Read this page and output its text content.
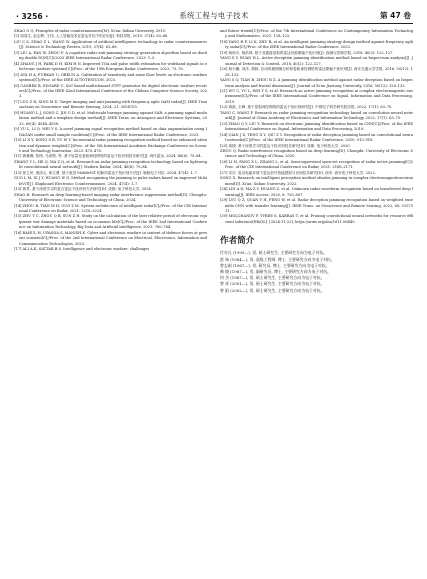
· 3256 ·	系统工程与电子技术	第 47 卷
ZHAO G Q. Principles of radar countermeasures[M]. Xi'an: Xidian University, 2015.
[2] 周春生, 赵志辉, 王伟. 人工智能技术在雷达对抗中的应用[J]. 科技导报, 2019, 37(4): 63–68.
LIU C S, ZHAO Z L, WANG W. Application of artificial intelligence technology in radar countermeasures[J]. Science & Technology Review, 2019, 37(4): 63–68.
[3] LIU A, FAN W, ZHOU F. A cognitive radar anti-jamming strategy generation algorithm based on dueling double DQN[C]//2023 IEEE International Radar Conference, 2023: 1–5.
[4] ZHANG J H, PARK D H, KIM H N. Improved TOA and pulse width estimation for wideband signals in electronic warfare systems[C]//Proc. of the 19th European Radar Conference, 2022: 73–76.
[5] ATA H A, FURKAN U, ORKUN A. Calibration of sensitivity and noise floor levels on electronic warfare systems[C]//Proc. of the IEEE AUTOTESTCON, 2023.
[6] CANBEK B, EDGARD C. SoC-based multichannel STFT generator for digital electronic warfare receivers[C]//Proc. of the IEEE 42nd International Conference of the Chilean Computer Science Society, 2023.
[7] LUO Z R, XING M D. Target imaging and anti-jamming with frequency agile OAM radar[J]. IEEE Transactions on Geoscience and Remote Sensing, 2024, 21: 3504705.
[8] HUANG L J, SONG C, JIN G D, et al. Multiscale barrage jamming against SAR: a jamming signal modulation method and a template design method[J]. IEEE Trans. on Aerospace and Electronic Systems, 2023, 60(4): 4548–4558.
[9] YU L, LI Q, WEI Y S. A novel jamming signal recognition method based on data augmentation using IDAGAN under small sample condition[C]//Proc. of the IEEE International Radar Conference, 2023.
[10] LI X Y, DONG S B, YU W Y. Incremental radar jamming recognition method based on enhanced attention and dynamic weights[C]//Proc. of the 5th International Academic Exchange Conference on Science and Technology Innovation, 2023: 470–476.
[11] 黄雅琳, 张坤, 马泽煦, 等. 基于轻量化卷积神经网络的雷达干扰识别技术研究[J]. 现代雷达, 2024, 46(6): 79–84.
ZHANG Y L, HE Q, MA Z Q, et al. Research on radar jamming recognition technology based on lightweight convolutional neural network[J]. Modern Radar, 2024, 46(6): 79–84.
[12] 郭立民, 邢清元, 黄文勇. 基于改进 MobileViT 的脉冲雷达干扰识别方法[J]. 舰船电子对抗, 2024, 47(4): 1–7.
GUO L M, XI J Y, HUANG W Q. Method recognizing the jamming to pulse radars based on improved MobileViT[J]. Shipboard Electronic Countermeasure, 2024, 47(4): 1–7.
[13] 黄君. 基于深度学习的复合雷达干扰识别方法研究[D]. 成都: 电子科技大学, 2024.
ZHAO H. Research on deep-learning-based imaging radar interference suppression method[D]. Chengdu: University of Electronic Science and Technology of China, 2024.
[14] ZHOU B, TIAN M H, GUO Z M. System architecture of intelligent radar[C]//Proc. of the CIE International Conference on Radar, 2021: 3218–3224.
[15] ZHU Y C, ZHOU Q B, SUN Z H. Study on the calculation of the best relative period of electronic equipment war damage materials based on economic life[C]//Proc. of the IEEE 2nd International Conference on Information Technology, Big Data and Artificial Intelligence, 2021: 760–764.
[16] RAHUL H, UPASNA S, MANISH K. Cyber and electronic warfare in context of defence forces at present scenario[C]//Proc. of the 2nd International Conference on Electrical, Electronics, Information and Communication Technologies, 2023.
[17] ALI A K, SATTAR B S. Intelligence and electronic warfare: challenges
and future trends[C]//Proc. of the 7th International Conference on Contemporary Information Technology and Mathematics, 2021: 118–123.
[18] YANG H F, LI K, ZHU B, et al. An intelligent jamming strategy design method against frequency agility radar[C]//Proc. of the IEEE International Radar Conference, 2023.
[19] 杨尚平, 杨洪林. 基于双通道卷积的雷达有源欺骗干扰识别[J]. 探测与控制学报, 2018, 40(2): 122–127.
YANG X Y, RUAN H L. Active deception jamming identification method based on bispectrum analysis[J]. Journal of Detection & Control, 2018, 40(2): 122–127.
[20] 杨小鹏, 刘洋, 胡林. 应用时频图像分析和卷积神经网络的雷达欺骗干扰识别[J]. 西安交通大学学报, 2016, 50(12): 128–133.
YANG S Q, TIAN B, ZHOU R Z. A jamming identification method against radar deception based on bispectrum analysis and fractal dimension[J]. Journal of Xi'an Jiaotong University, 2016, 50(12): 128–133.
[21] WU C, YU L, WEI Y S, et al. Research on active jamming recognition in complex electromagnetic environment[C]//Proc. of the IEEE International Conference on Signal, Information and Data Processing, 2019.
[22] 唐凯, 王峰. 基于卷积神经网络的雷达干扰识别研究[J]. 中国电子科学研究院学报, 2022, 17(1): 63–70.
TANG C, WANG F. Research on radar jamming recognition technology based on convolution neural network[J]. Journal of China Academy of Electronics and Information Technology, 2022, 17(1): 63–70.
[23] ZHAO Q Y, LIU Y. Research on electronic jamming identification based on CNN[C]//Proc. of the IEEE International Conference on Signal, Information and Data Processing, 2019.
[24] QIAN J X, TENG X Y, QIU Z Y. Recognition of radar deception jamming based on convolutional neural networks[C]//Proc. of the IEEE International Radar Conference, 2020: 913–918.
[25] 周捷. 基于深度学习的雷达干扰识别技术研究[D]. 成都: 电子科技大学, 2020.
ZHOU Q. Radar interference recognition based on deep learning[D]. Chengdu: University of Electronic Science and Technology of China, 2020.
[26] LI H, FANG X L, ZHANG L, et al. Semi-supervised open-set recognition of radar active jamming[C]//Proc. of the CIE International Conference on Radar, 2021: 2168–2171.
[27] 宋宗. 复杂电磁环境下雷达信号智能感知与识别技术研究[D]. 西安: 西安电子科技大学, 2022.
SONG X. Research on intelligent perception method ofradar jamming in complex electromagneticenvironment[D]. Xi'an: Xidian University, 2022.
[28] LIN A N, MA Z Y, HUANG Z, et al. Unknown radar waveform recognition based on transferred deep learning[J]. IEEE Access, 2020, 8: 793–807.
[29] LYU Q Z, QUAN Y H, FENG W, et al. Radar deception jamming recognition based on weighted ensemble CNN with transfer learning[J]. IEEE Trans. on Geoscience and Remote Sensing, 2022, 60: 5107511.
[30] MOLCHANOV P, TYREE S, KARRAS T, et al. Pruning convolutional neural networks for resource efficient inference[EB/OL]. [2024-11-22]. https://arxiv.org/abs/1611.06440.
作者简介
付亦凡 (1999—), 男, 硕士研究生, 主要研究方向为电子对抗。
欧 杨 (1984—), 男, 高级工程师, 博士, 主要研究方向为电子对抗。
曾志刚 (1967—), 男, 研究员, 博士, 主要研究方向为电子对抗。
韩 晓 (1987—), 男, 副研究员, 博士, 主要研究方向为电子对抗。
何 杰 (1987—), 男, 硕士研究生, 主要研究方向为电子对抗。
曾 祥 (2001—), 男, 硕士研究生, 主要研究方向为电子对抗。
曾 阳 (2002—), 男, 硕士研究生, 主要研究方向为电子对抗。
